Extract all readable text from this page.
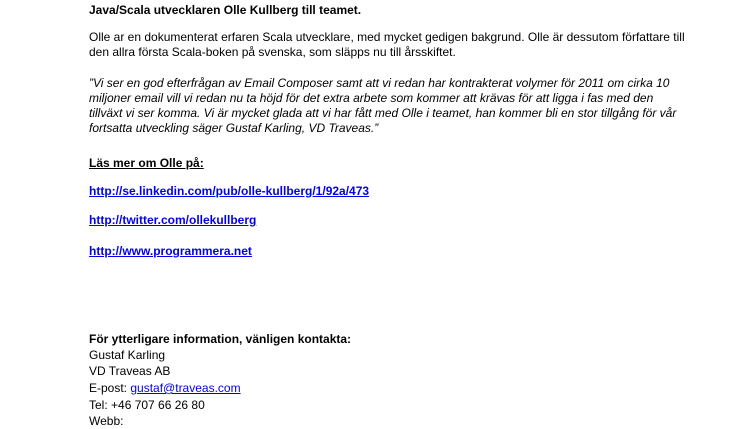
Java/Scala utvecklaren Olle Kullberg till teamet.

Olle ar en dokumenterat erfaren Scala utvecklare, med mycket gedigen bakgrund. Olle är dessutom författare till den allra första Scala-boken på svenska, som släpps nu till årsskiftet.

”Vi ser en god efterfrågan av Email Composer samt att vi redan har kontrakterat volymer för 2011 om cirka 10 miljoner email vill vi redan nu ta höjd för det extra arbete som kommer att krävas för att ligga i fas med den tillväxt vi ser komma. Vi är mycket glada att vi har fått med Olle i teamet, han kommer bli en stor tillgång för vår fortsatta utveckling säger Gustaf Karling, VD Traveas.”

Läs mer om Olle på:
http://se.linkedin.com/pub/olle-kullberg/1/92a/473
http://twitter.com/ollekullberg
http://www.programmera.net
För ytterligare information, vänligen kontakta:
Gustaf Karling
VD Traveas AB
E-post: gustaf@traveas.com
Tel: +46 707 66 26 80
Webb:
